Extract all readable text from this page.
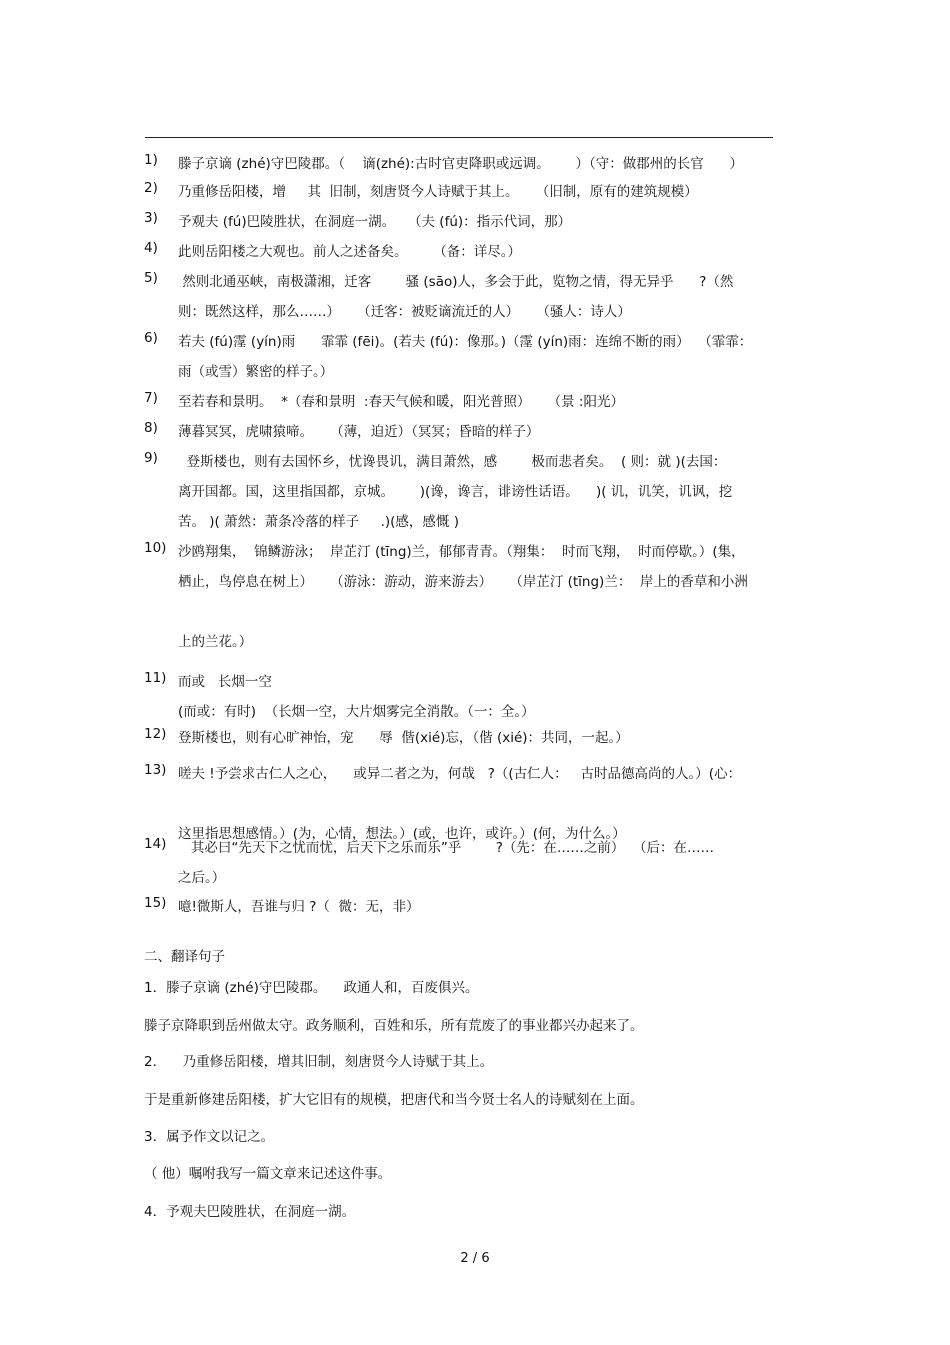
1) 滕子京谪 (zhé)守巴陵郡。（    谪(zhé):古时官吏降职或远调。      ）（守：做郡州的长官      ）
2) 乃重修岳阳楼，增     其  旧制，刻唐贤今人诗赋于其上。    （旧制，原有的建筑规模）
3) 予观夫 (fú)巴陵胜状，在洞庭一湖。   （夫 (fú)：指示代词，那）
4) 此则岳阳楼之大观也。前人之述备矣。      （备：详尽。）
5) 然则北通巫峡，南极潇湘，迁客        骚 (sāo)人，多会于此，览物之情，得无异乎      ?（然
则：既然这样，那么……）    （迁客：被贬谪流迁的人）    （骚人：诗人）
6) 若夫 (fú)霪 (yín)雨      霏霏 (fēi)。(若夫 (fú)：像那。)（霪 (yín)雨：连绵不断的雨）  （霏霏：
雨（或雪）繁密的样子。）
7) 至若春和景明。  *（春和景明  :春天气候和暖，阳光普照）    （景 :阳光）
8) 薄暮冥冥，虎啸猿啼。    （薄，迫近）（冥冥；昏暗的样子）
9) 登斯楼也，则有去国怀乡，忧谗畏讥，满目萧然，感        极而悲者矣。  ( 则：就 )(去国：
离开国都。国，这里指国都，京城。      )(谗，谗言，诽谤性话语。    )( 讥，讥笑，讥讽，挖
苦。 )( 萧然：萧条冷落的样子     .)(感，感慨 )
10) 沙鸥翔集，  锦鳞游泳；  岸芷汀 (tīng)兰，郁郁青青。（翔集：  时而飞翔，  时而停歇。）(集，
栖止，鸟停息在树上）    （游泳：游动，游来游去）    （岸芷汀 (tīng)兰：  岸上的香草和小洲
上的兰花。）
11) 而或   长烟一空
(而或：有时)  （长烟一空，大片烟雾完全消散。（一：全。）
12) 登斯楼也，则有心旷神怡，宠      辱  偕(xié)忘，（偕 (xié)：共同，一起。）
13) 嗟夫 !予尝求古仁人之心，    或异二者之为，何哉   ?（(古仁人：   古时品德高尚的人。）(心：
这里指思想感情。）(为，心情，想法。）(或，也许，或许。）(何，为什么。）
14) 其必曰“先天下之忧而忧，后天下之乐而乐”乎        ?（先：在……之前）  （后：在……
之后。）
15) 噫!微斯人，吾谁与归 ?（  微：无，非）
二、翻译句子
1．滕子京谪 (zhé)守巴陵郡。    政通人和，百废俱兴。
滕子京降职到岳州做太守。政务顺利，百姓和乐，所有荒废了的事业都兴办起来了。
2.      乃重修岳阳楼，增其旧制，刻唐贤今人诗赋于其上。
于是重新修建岳阳楼，扩大它旧有的规模，把唐代和当今贤士名人的诗赋刻在上面。
3．属予作文以记之。
（ 他）嘱咐我写一篇文章来记述这件事。
4．予观夫巴陵胜状，在洞庭一湖。
2 / 6
